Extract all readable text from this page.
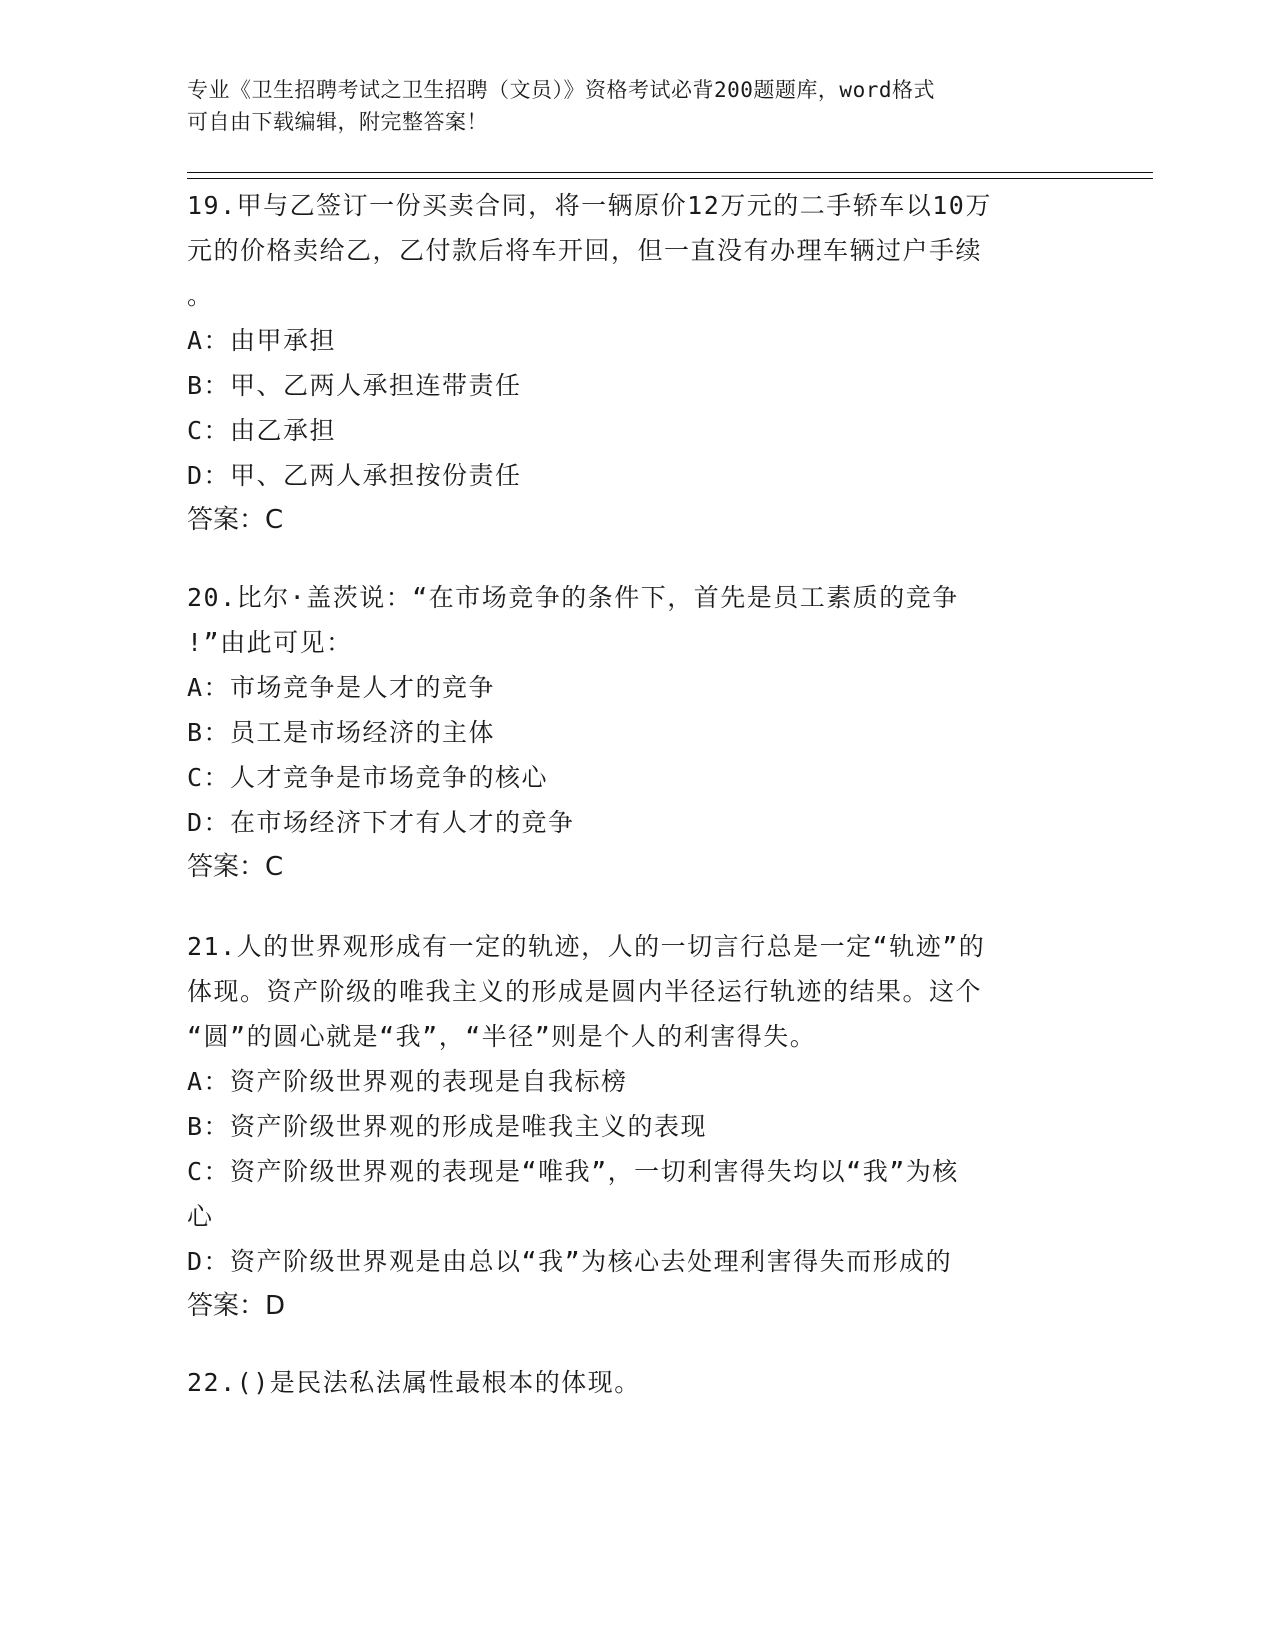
专业《卫生招聘考试之卫生招聘（文员）》资格考试必背200题题库，word格式
可自由下载编辑，附完整答案！
19.甲与乙签订一份买卖合同，将一辆原价12万元的二手轿车以10万
元的价格卖给乙，乙付款后将车开回，但一直没有办理车辆过户手续
。
A：由甲承担
B：甲、乙两人承担连带责任
C：由乙承担
D：甲、乙两人承担按份责任
答案：C
20.比尔·盖茨说：“在市场竞争的条件下，首先是员工素质的竞争
!”由此可见：
A：市场竞争是人才的竞争
B：员工是市场经济的主体
C：人才竞争是市场竞争的核心
D：在市场经济下才有人才的竞争
答案：C
21.人的世界观形成有一定的轨迹，人的一切言行总是一定“轨迹”的
体现。资产阶级的唯我主义的形成是圆内半径运行轨迹的结果。这个
“圆”的圆心就是“我”，“半径”则是个人的利害得失。
A：资产阶级世界观的表现是自我标榜
B：资产阶级世界观的形成是唯我主义的表现
C：资产阶级世界观的表现是“唯我”，一切利害得失均以“我”为核
心
D：资产阶级世界观是由总以“我”为核心去处理利害得失而形成的
答案：D
22.()是民法私法属性最根本的体现。
